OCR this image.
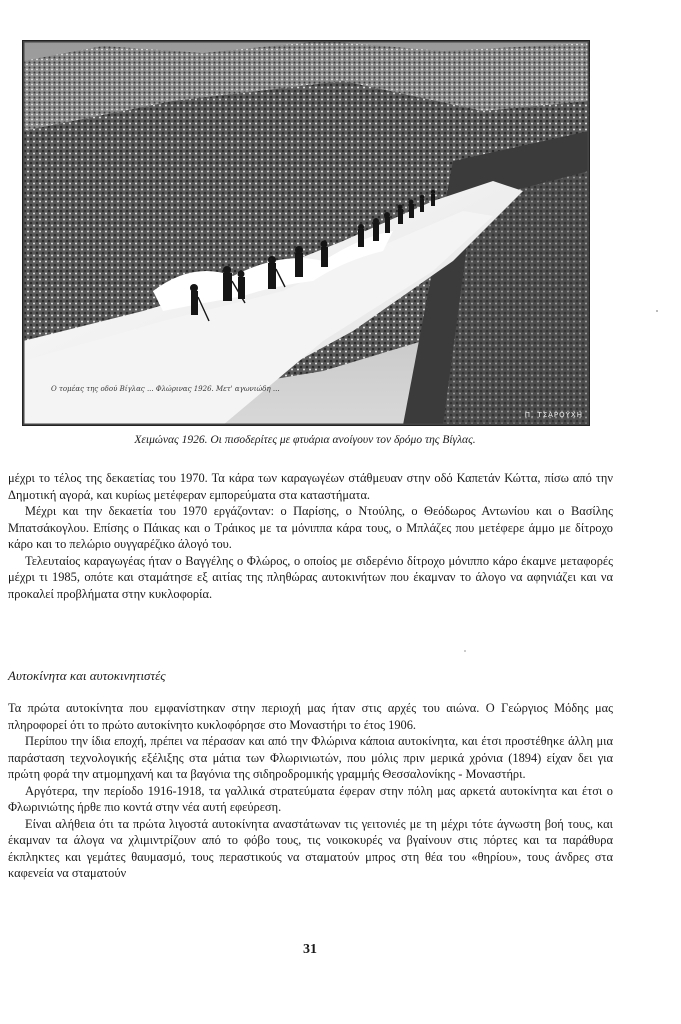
Ο τομέας της οδού Βίγλας ... Φλώρινας 1926. Μετ' αγωνιώδη ...
Π. ΤΣΑΡΟΥΧΗ
Χειμώνας 1926. Οι πισοδερίτες με φτυάρια ανοίγουν τον δρόμο της Βίγλας.

μέχρι το τέλος της δεκαετίας του 1970. Τα κάρα των καραγωγέων στάθμευαν στην οδό Καπετάν Κώττα, πίσω από την Δημοτική αγορά, και κυρίως μετέφεραν εμπορεύματα στα καταστήματα.

Μέχρι και την δεκαετία του 1970 εργάζονταν: ο Παρίσης, ο Ντούλης, ο Θεόδωρος Αντωνίου και ο Βασίλης Μπατσάκογλου. Επίσης ο Πάικας και ο Τράικος με τα μόνιππα κάρα τους, ο Μπλάζες που μετέφερε άμμο με δίτροχο κάρο και το πελώριο ουγγαρέζικο άλογό του.

Τελευταίος καραγωγέας ήταν ο Βαγγέλης ο Φλώρος, ο οποίος με σιδερένιο δίτροχο μόνιππο κάρο έκαμνε μεταφορές μέχρι τι 1985, οπότε και σταμάτησε εξ αιτίας της πληθώρας αυτοκινήτων που έκαμναν το άλογο να αφηνιάζει και να προκαλεί προβλήματα στην κυκλοφορία.

Αυτοκίνητα και αυτοκινητιστές

Τα πρώτα αυτοκίνητα που εμφανίστηκαν στην περιοχή μας ήταν στις αρχές του αιώνα. Ο Γεώργιος Μόδης μας πληροφορεί ότι το πρώτο αυτοκίνητο κυκλοφόρησε στο Μοναστήρι το έτος 1906.

Περίπου την ίδια εποχή, πρέπει να πέρασαν και από την Φλώρινα κάποια αυτοκίνητα, και έτσι προστέθηκε άλλη μια παράσταση τεχνολογικής εξέλιξης στα μάτια των Φλωρινιωτών, που μόλις πριν μερικά χρόνια (1894) είχαν δει για πρώτη φορά την ατμομηχανή και τα βαγόνια της σιδηροδρομικής γραμμής Θεσσαλονίκης - Μοναστήρι.

Αργότερα, την περίοδο 1916-1918, τα γαλλικά στρατεύματα έφεραν στην πόλη μας αρκετά αυτοκίνητα και έτσι ο Φλωρινιώτης ήρθε πιο κοντά στην νέα αυτή εφεύρεση.

Είναι αλήθεια ότι τα πρώτα λιγοστά αυτοκίνητα αναστάτωναν τις γειτονιές με τη μέχρι τότε άγνωστη βοή τους, και έκαμναν τα άλογα να χλιμιντρίζουν από το φόβο τους, τις νοικοκυρές να βγαίνουν στις πόρτες και τα παράθυρα έκπληκτες και γεμάτες θαυμασμό, τους περαστικούς να σταματούν μπρος στη θέα του «θηρίου», τους άνδρες στα καφενεία να σταματούν

31
